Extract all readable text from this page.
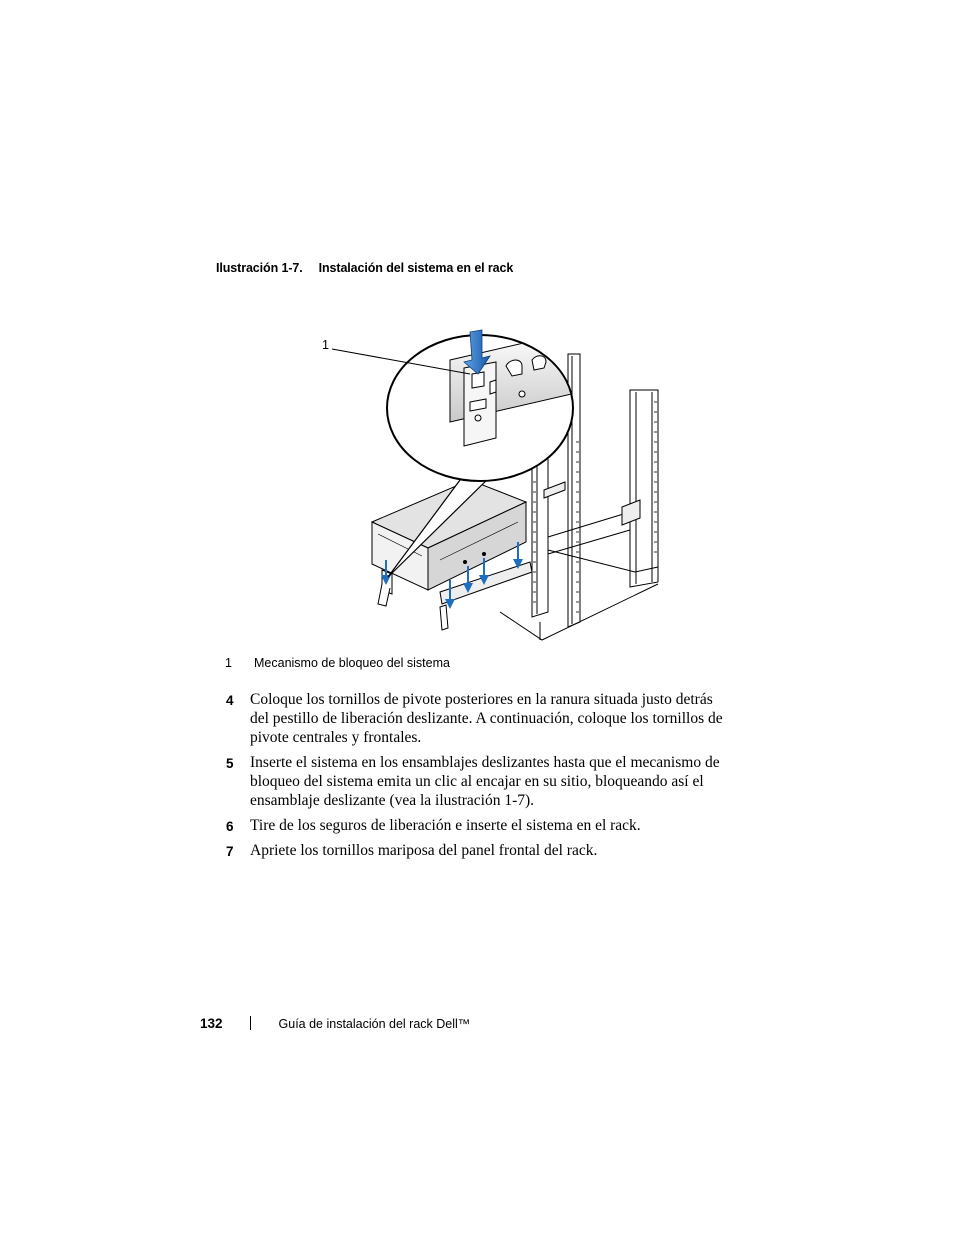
Ilustración 1-7. Instalación del sistema en el rack
1
1 Mecanismo de bloqueo del sistema
4 Coloque los tornillos de pivote posteriores en la ranura situada justo detrás del pestillo de liberación deslizante. A continuación, coloque los tornillos de pivote centrales y frontales.
5 Inserte el sistema en los ensamblajes deslizantes hasta que el mecanismo de bloqueo del sistema emita un clic al encajar en su sitio, bloqueando así el ensamblaje deslizante (vea la ilustración 1-7).
6 Tire de los seguros de liberación e inserte el sistema en el rack.
7 Apriete los tornillos mariposa del panel frontal del rack.
132	Guía de instalación del rack Dell™
